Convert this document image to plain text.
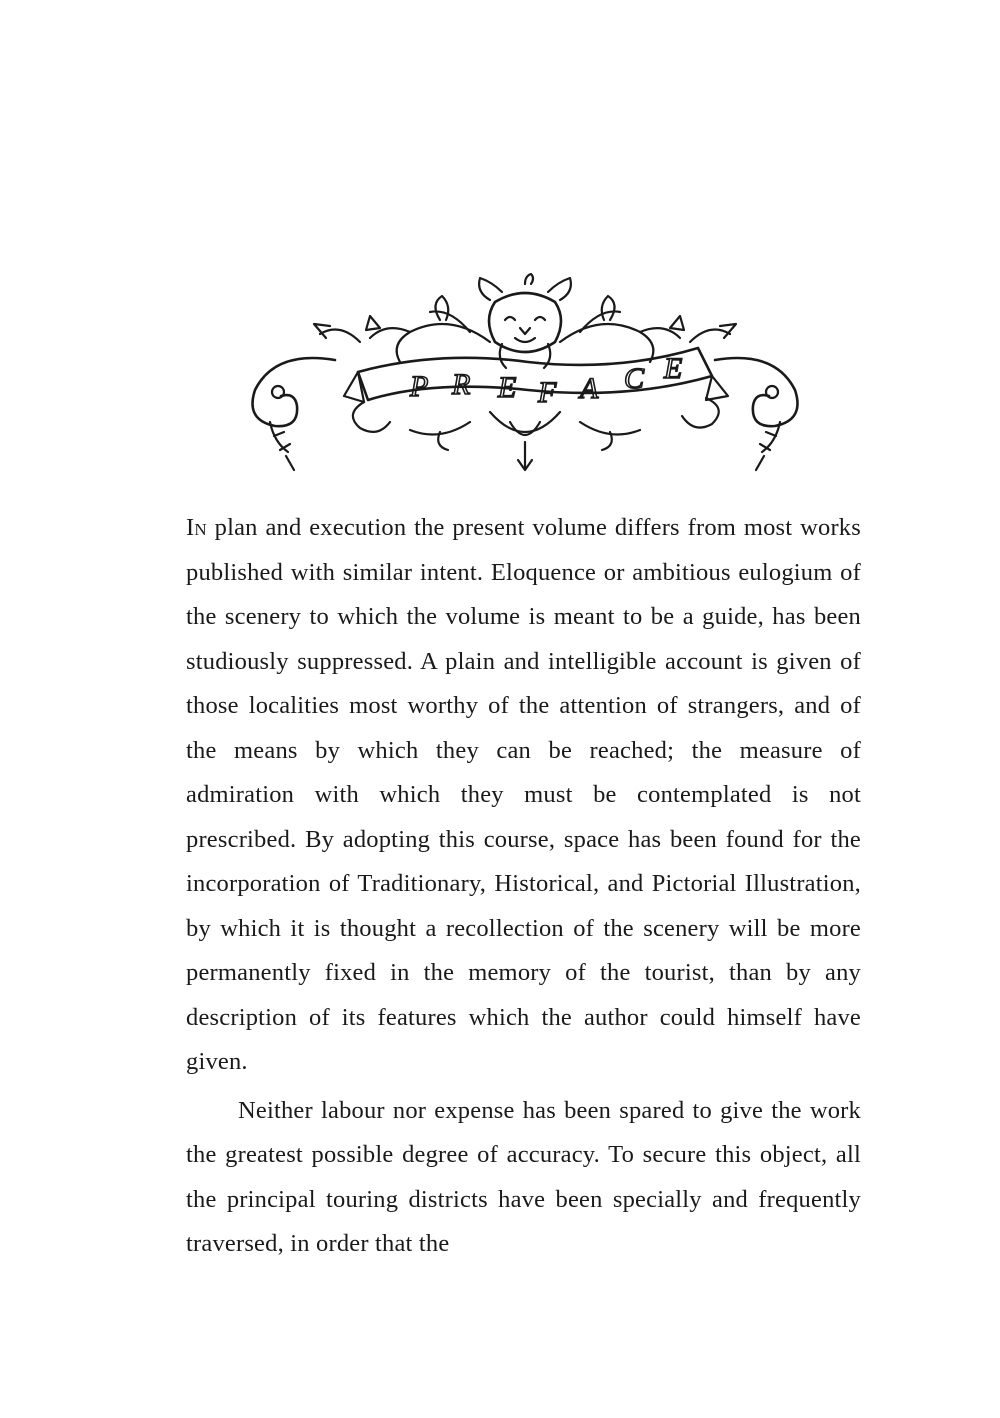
P R E F A C E

In plan and execution the present volume differs from most works published with similar intent. Eloquence or ambitious eulogium of the scenery to which the volume is meant to be a guide, has been studiously suppressed. A plain and intelligible account is given of those localities most worthy of the attention of strangers, and of the means by which they can be reached; the measure of admiration with which they must be contemplated is not prescribed. By adopting this course, space has been found for the incorporation of Traditionary, Historical, and Pictorial Illustration, by which it is thought a recollection of the scenery will be more permanently fixed in the memory of the tourist, than by any description of its features which the author could himself have given.

Neither labour nor expense has been spared to give the work the greatest possible degree of accuracy. To secure this object, all the principal touring districts have been specially and frequently traversed, in order that the
